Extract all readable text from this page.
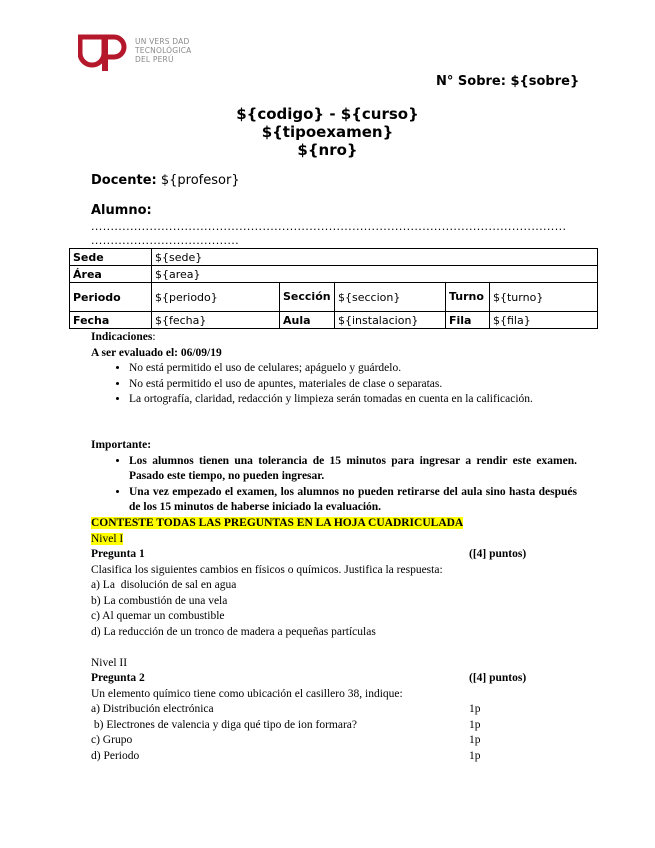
UN VERS DAD
TECNOLÓGICA
DEL PERÚ
N° Sobre: ${sobre}
${codigo} - ${curso}
${tipoexamen}
${nro}
Docente: ${profesor}
Alumno:
..........................................................................................................................
......................................
Sede	${sede}				
Área	${area}				
Periodo	${periodo}	Sección	${seccion}	Turno	${turno}
Fecha	${fecha}	Aula	${instalacion}	Fila	${fila}
Indicaciones:
A ser evaluado el: 06/09/19
• No está permitido el uso de celulares; apáguelo y guárdelo.
• No está permitido el uso de apuntes, materiales de clase o separatas.
• La ortografía, claridad, redacción y limpieza serán tomadas en cuenta en la calificación.
Importante:
• Los alumnos tienen una tolerancia de 15 minutos para ingresar a rendir este examen. Pasado este tiempo, no pueden ingresar.
• Una vez empezado el examen, los alumnos no pueden retirarse del aula sino hasta después de los 15 minutos de haberse iniciado la evaluación.
CONTESTE TODAS LAS PREGUNTAS EN LA HOJA CUADRICULADA
Nivel I
Pregunta 1	([4] puntos)
Clasifica los siguientes cambios en físicos o químicos. Justifica la respuesta:
a) La  disolución de sal en agua
b) La combustión de una vela
c) Al quemar un combustible
d) La reducción de un tronco de madera a pequeñas partículas
Nivel II
Pregunta 2	([4] puntos)
Un elemento químico tiene como ubicación el casillero 38, indique:
a) Distribución electrónica	1p
b) Electrones de valencia y diga qué tipo de ion formara?	1p
c) Grupo	1p
d) Periodo	1p
